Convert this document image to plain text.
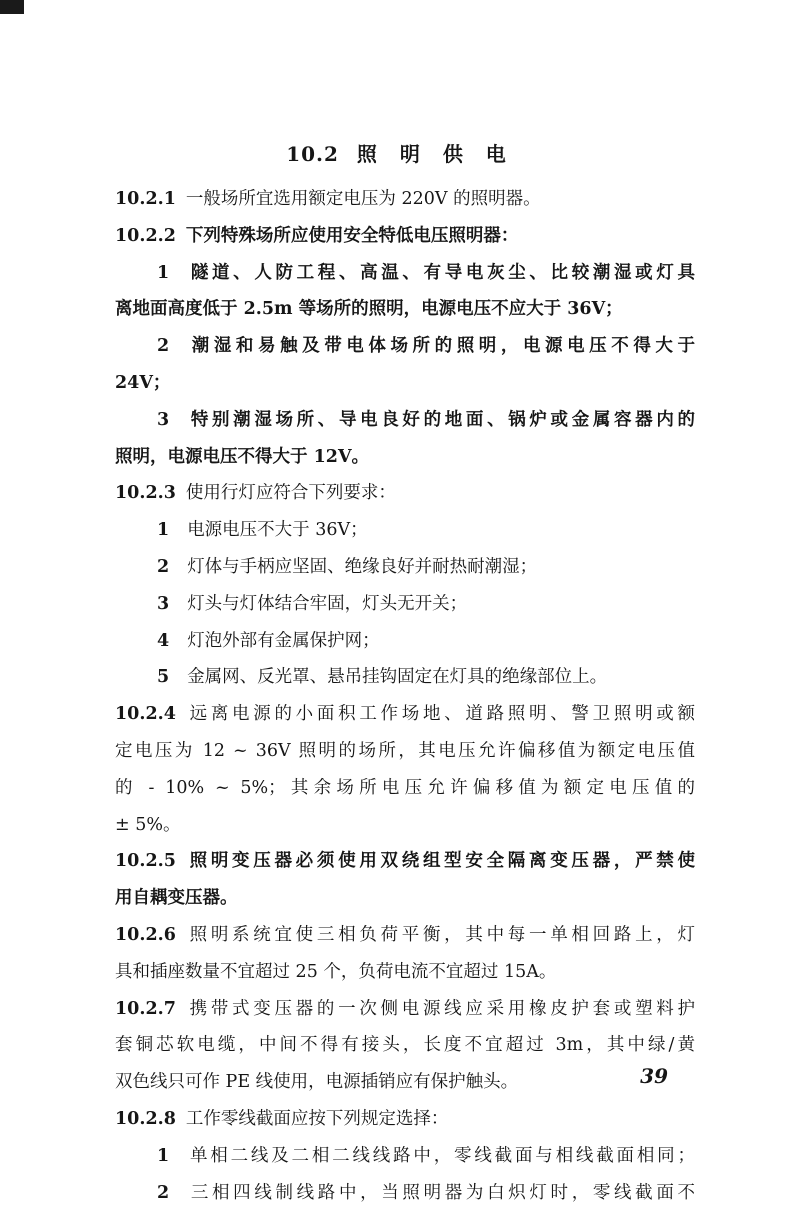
10.2 照 明 供 电
10.2.1 一般场所宜选用额定电压为 220V 的照明器。
10.2.2 下列特殊场所应使用安全特低电压照明器：
1 隧道、人防工程、高温、有导电灰尘、比较潮湿或灯具
离地面高度低于 2.5m 等场所的照明，电源电压不应大于 36V；
2 潮湿和易触及带电体场所的照明，电源电压不得大于
24V；
3 特别潮湿场所、导电良好的地面、锅炉或金属容器内的
照明，电源电压不得大于 12V。
10.2.3 使用行灯应符合下列要求：
1 电源电压不大于 36V；
2 灯体与手柄应坚固、绝缘良好并耐热耐潮湿；
3 灯头与灯体结合牢固，灯头无开关；
4 灯泡外部有金属保护网；
5 金属网、反光罩、悬吊挂钩固定在灯具的绝缘部位上。
10.2.4 远离电源的小面积工作场地、道路照明、警卫照明或额
定电压为 12 ~ 36V 照明的场所，其电压允许偏移值为额定电压值
的 - 10% ~ 5%；其余场所电压允许偏移值为额定电压值的
± 5%。
10.2.5 照明变压器必须使用双绕组型安全隔离变压器，严禁使
用自耦变压器。
10.2.6 照明系统宜使三相负荷平衡，其中每一单相回路上，灯
具和插座数量不宜超过 25 个，负荷电流不宜超过 15A。
10.2.7 携带式变压器的一次侧电源线应采用橡皮护套或塑料护
套铜芯软电缆，中间不得有接头，长度不宜超过 3m，其中绿/黄
双色线只可作 PE 线使用，电源插销应有保护触头。
10.2.8 工作零线截面应按下列规定选择：
1 单相二线及二相二线线路中，零线截面与相线截面相同；
2 三相四线制线路中，当照明器为白炽灯时，零线截面不
39
